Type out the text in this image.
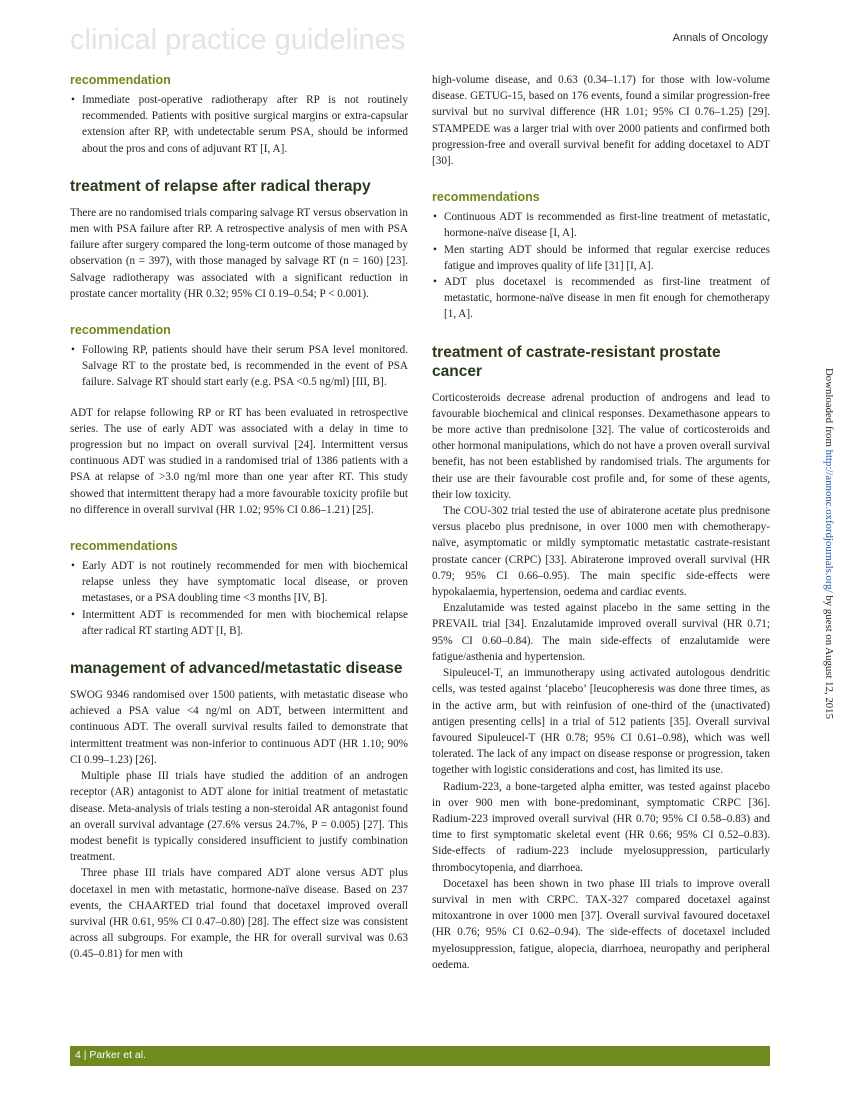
clinical practice guidelines	Annals of Oncology
recommendation
• Immediate post-operative radiotherapy after RP is not routinely recommended. Patients with positive surgical margins or extra-capsular extension after RP, with undetectable serum PSA, should be informed about the pros and cons of adjuvant RT [I, A].
treatment of relapse after radical therapy

There are no randomised trials comparing salvage RT versus observation in men with PSA failure after RP. A retrospective analysis of men with PSA failure after surgery compared the long-term outcome of those managed by observation (n = 397), with those managed by salvage RT (n = 160) [23]. Salvage radiotherapy was associated with a significant reduction in prostate cancer mortality (HR 0.32; 95% CI 0.19–0.54; P < 0.001).

recommendation
• Following RP, patients should have their serum PSA level monitored. Salvage RT to the prostate bed, is recommended in the event of PSA failure. Salvage RT should start early (e.g. PSA <0.5 ng/ml) [III, B].

ADT for relapse following RP or RT has been evaluated in retrospective series. The use of early ADT was associated with a delay in time to progression but no impact on overall survival [24]. Intermittent versus continuous ADT was studied in a randomised trial of 1386 patients with a PSA at relapse of >3.0 ng/ml more than one year after RT. This study showed that intermittent therapy had a more favourable toxicity profile but no difference in overall survival (HR 1.02; 95% CI 0.86–1.21) [25].

recommendations
• Early ADT is not routinely recommended for men with biochemical relapse unless they have symptomatic local disease, or proven metastases, or a PSA doubling time <3 months [IV, B].
• Intermittent ADT is recommended for men with biochemical relapse after radical RT starting ADT [I, B].
management of advanced/metastatic disease

SWOG 9346 randomised over 1500 patients, with metastatic disease who achieved a PSA value <4 ng/ml on ADT, between intermittent and continuous ADT. The overall survival results failed to demonstrate that intermittent treatment was non-inferior to continuous ADT (HR 1.10; 90% CI 0.99–1.23) [26].

Multiple phase III trials have studied the addition of an androgen receptor (AR) antagonist to ADT alone for initial treatment of metastatic disease. Meta-analysis of trials testing a non-steroidal AR antagonist found an overall survival advantage (27.6% versus 24.7%, P = 0.005) [27]. This modest benefit is typically considered insufficient to justify combination treatment.

Three phase III trials have compared ADT alone versus ADT plus docetaxel in men with metastatic, hormone-naïve disease. Based on 237 events, the CHAARTED trial found that docetaxel improved overall survival (HR 0.61, 95% CI 0.47–0.80) [28]. The effect size was consistent across all subgroups. For example, the HR for overall survival was 0.63 (0.45–0.81) for men with

high-volume disease, and 0.63 (0.34–1.17) for those with low-volume disease. GETUG-15, based on 176 events, found a similar progression-free survival but no survival difference (HR 1.01; 95% CI 0.76–1.25) [29]. STAMPEDE was a larger trial with over 2000 patients and confirmed both progression-free and overall survival benefit for adding docetaxel to ADT [30].

recommendations
• Continuous ADT is recommended as first-line treatment of metastatic, hormone-naïve disease [I, A].
• Men starting ADT should be informed that regular exercise reduces fatigue and improves quality of life [31] [I, A].
• ADT plus docetaxel is recommended as first-line treatment of metastatic, hormone-naïve disease in men fit enough for chemotherapy [1, A].
treatment of castrate-resistant prostate cancer

Corticosteroids decrease adrenal production of androgens and lead to favourable biochemical and clinical responses. Dexamethasone appears to be more active than prednisolone [32]. The value of corticosteroids and other hormonal manipulations, which do not have a proven overall survival benefit, has not been established by randomised trials. The arguments for their use are their favourable cost profile and, for some of these agents, their low toxicity.

The COU-302 trial tested the use of abiraterone acetate plus prednisone versus placebo plus prednisone, in over 1000 men with chemotherapy-naïve, asymptomatic or mildly symptomatic metastatic castrate-resistant prostate cancer (CRPC) [33]. Abiraterone improved overall survival (HR 0.79; 95% CI 0.66–0.95). The main specific side-effects were hypokalaemia, hypertension, oedema and cardiac events.

Enzalutamide was tested against placebo in the same setting in the PREVAIL trial [34]. Enzalutamide improved overall survival (HR 0.71; 95% CI 0.60–0.84). The main side-effects of enzalutamide were fatigue/asthenia and hypertension.

Sipuleucel-T, an immunotherapy using activated autologous dendritic cells, was tested against ‘placebo’ [leucopheresis was done three times, as in the active arm, but with reinfusion of one-third of the (unactivated) antigen presenting cells] in a trial of 512 patients [35]. Overall survival favoured Sipuleucel-T (HR 0.78; 95% CI 0.61–0.98), which was well tolerated. The lack of any impact on disease response or progression, taken together with logistic considerations and cost, has limited its use.

Radium-223, a bone-targeted alpha emitter, was tested against placebo in over 900 men with bone-predominant, symptomatic CRPC [36]. Radium-223 improved overall survival (HR 0.70; 95% CI 0.58–0.83) and time to first symptomatic skeletal event (HR 0.66; 95% CI 0.52–0.83). Side-effects of radium-223 include myelosuppression, particularly thrombocytopenia, and diarrhoea.

Docetaxel has been shown in two phase III trials to improve overall survival in men with CRPC. TAX-327 compared docetaxel against mitoxantrone in over 1000 men [37]. Overall survival favoured docetaxel (HR 0.76; 95% CI 0.62–0.94). The side-effects of docetaxel included myelosuppression, fatigue, alopecia, diarrhoea, neuropathy and peripheral oedema.

Downloaded from http://annonc.oxfordjournals.org/ by guest on August 12, 2015
4 | Parker et al.
